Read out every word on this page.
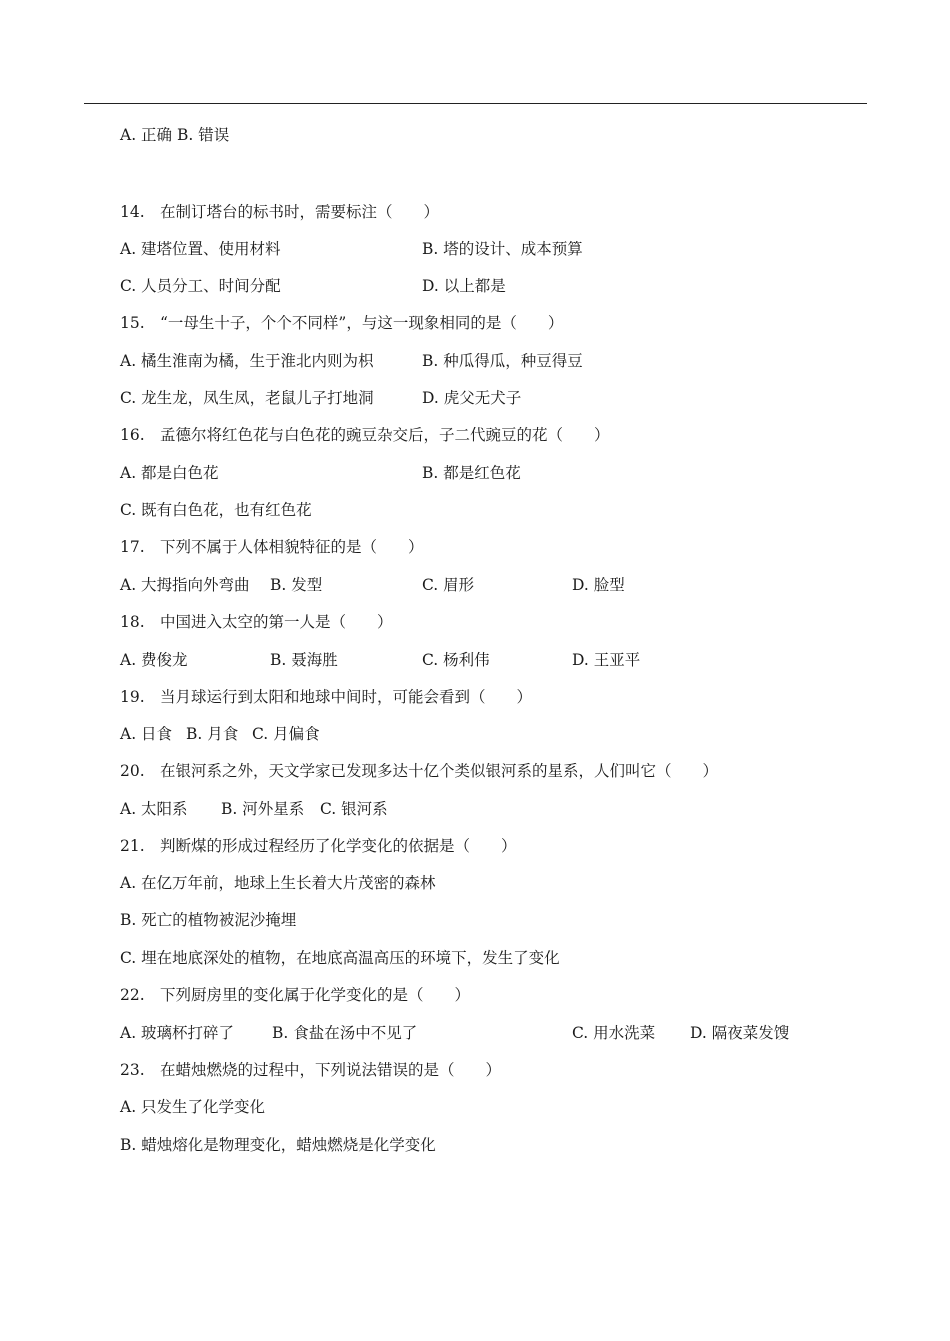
A. 正确 B. 错误
14. 在制订塔台的标书时，需要标注（　　）
A. 建塔位置、使用材料	B. 塔的设计、成本预算
C. 人员分工、时间分配	D. 以上都是
15. “一母生十子，个个不同样”，与这一现象相同的是（　　）
A. 橘生淮南为橘，生于淮北内则为枳	B. 种瓜得瓜，种豆得豆
C. 龙生龙，凤生凤，老鼠儿子打地洞	D. 虎父无犬子
16. 孟德尔将红色花与白色花的豌豆杂交后，子二代豌豆的花（　　）
A. 都是白色花	B. 都是红色花
C. 既有白色花，也有红色花
17. 下列不属于人体相貌特征的是（　　）
A. 大拇指向外弯曲 B. 发型	C. 眉形	D. 脸型
18. 中国进入太空的第一人是（　　）
A. 费俊龙	B. 聂海胜	C. 杨利伟	D. 王亚平
19. 当月球运行到太阳和地球中间时，可能会看到（　　）
A. 日食 B. 月食 C. 月偏食
20. 在银河系之外，天文学家已发现多达十亿个类似银河系的星系，人们叫它（　　）
A. 太阳系 B. 河外星系 C. 银河系
21. 判断煤的形成过程经历了化学变化的依据是（　　）
A. 在亿万年前，地球上生长着大片茂密的森林
B. 死亡的植物被泥沙掩埋
C. 埋在地底深处的植物，在地底高温高压的环境下，发生了变化
22. 下列厨房里的变化属于化学变化的是（　　）
A. 玻璃杯打碎了 B. 食盐在汤中不见了	C. 用水洗菜 D. 隔夜菜发馊
23. 在蜡烛燃烧的过程中，下列说法错误的是（　　）
A. 只发生了化学变化
B. 蜡烛熔化是物理变化，蜡烛燃烧是化学变化
